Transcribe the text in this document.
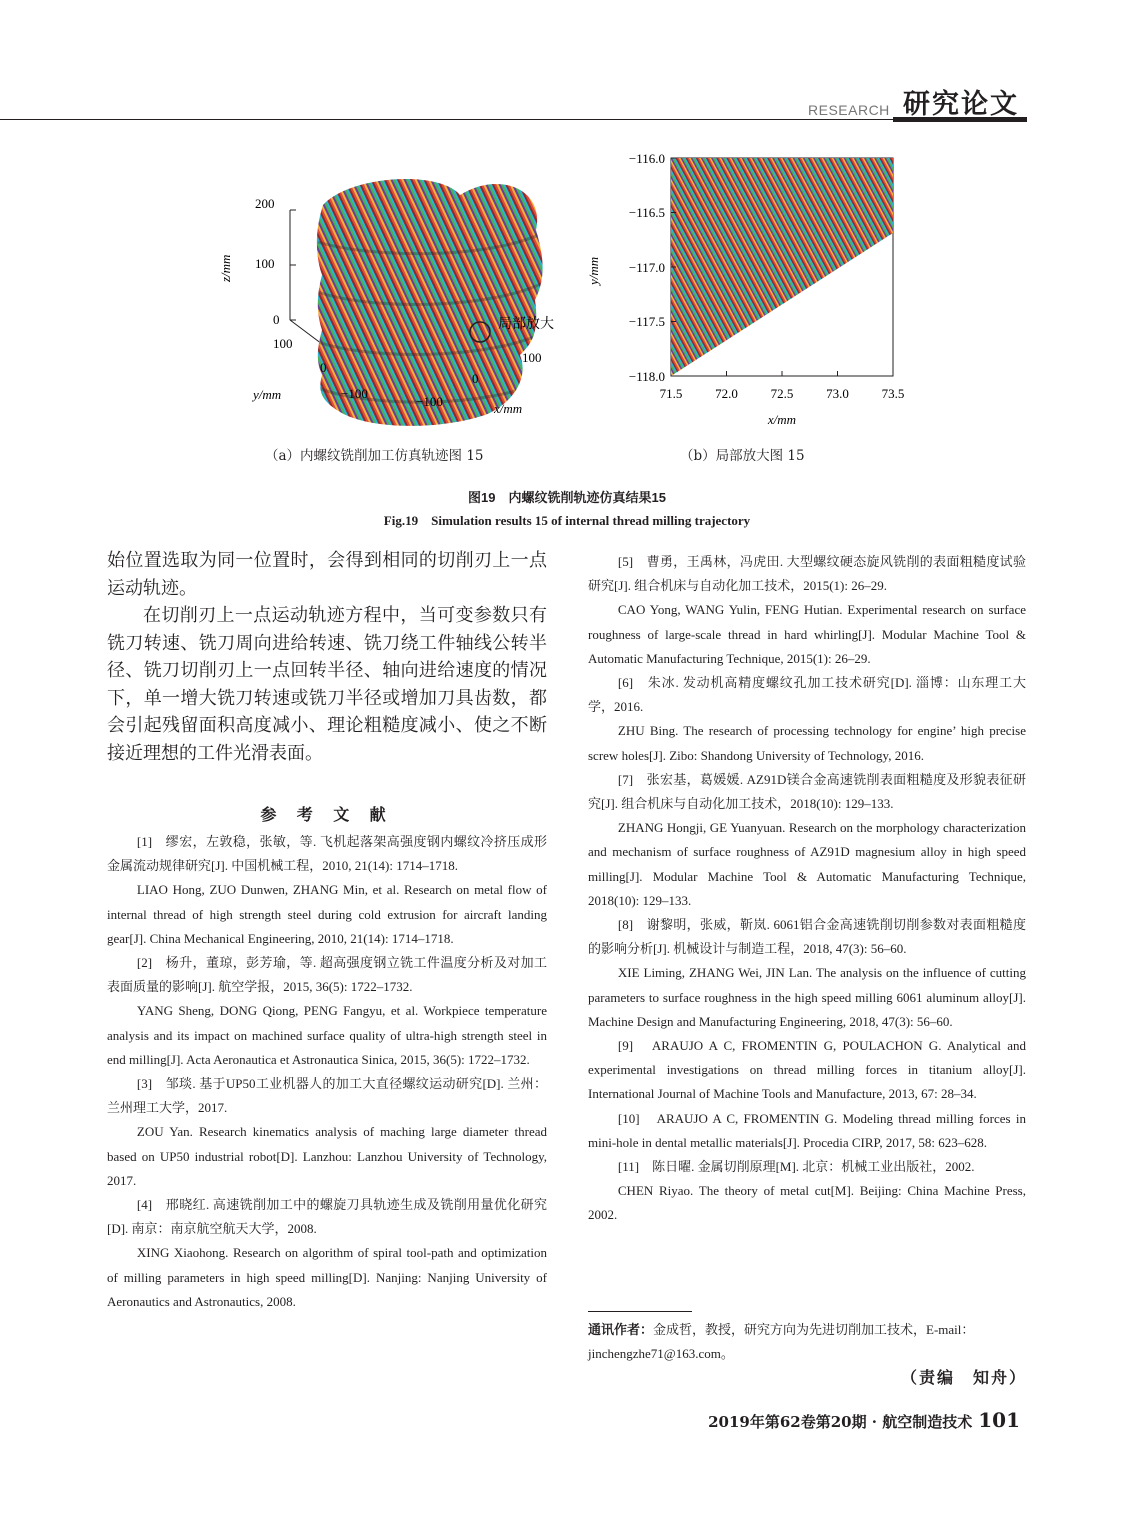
RESEARCH 研究论文
局部放大
200
100
0
100
0
−100
−100
0
100
z/mm
y/mm
x/mm
−116.0
−116.5
−117.0
−117.5
−118.0
71.5	72.0	72.5	73.0	73.5
y/mm
x/mm
（a）内螺纹铣削加工仿真轨迹图 15	（b）局部放大图 15
图19　内螺纹铣削轨迹仿真结果15
Fig.19　Simulation results 15 of internal thread milling trajectory

始位置选取为同一位置时，会得到相同的切削刃上一点运动轨迹。

在切削刃上一点运动轨迹方程中，当可变参数只有铣刀转速、铣刀周向进给转速、铣刀绕工件轴线公转半径、铣刀切削刃上一点回转半径、轴向进给速度的情况下，单一增大铣刀转速或铣刀半径或增加刀具齿数，都会引起残留面积高度减小、理论粗糙度减小、使之不断接近理想的工件光滑表面。

参 考 文 献

[1]　缪宏，左敦稳，张敏，等. 飞机起落架高强度钢内螺纹冷挤压成形金属流动规律研究[J]. 中国机械工程，2010, 21(14): 1714–1718.

LIAO Hong, ZUO Dunwen, ZHANG Min, et al. Research on metal flow of internal thread of high strength steel during cold extrusion for aircraft landing gear[J]. China Mechanical Engineering, 2010, 21(14): 1714–1718.

[2]　杨升，董琼，彭芳瑜，等. 超高强度钢立铣工件温度分析及对加工表面质量的影响[J]. 航空学报，2015, 36(5): 1722–1732.

YANG Sheng, DONG Qiong, PENG Fangyu, et al. Workpiece temperature analysis and its impact on machined surface quality of ultra-high strength steel in end milling[J]. Acta Aeronautica et Astronautica Sinica, 2015, 36(5): 1722–1732.

[3]　邹琰. 基于UP50工业机器人的加工大直径螺纹运动研究[D]. 兰州：兰州理工大学，2017.

ZOU Yan. Research kinematics analysis of maching large diameter thread based on UP50 industrial robot[D]. Lanzhou: Lanzhou University of Technology, 2017.

[4]　邢晓红. 高速铣削加工中的螺旋刀具轨迹生成及铣削用量优化研究[D]. 南京：南京航空航天大学，2008.

XING Xiaohong. Research on algorithm of spiral tool-path and optimization of milling parameters in high speed milling[D]. Nanjing: Nanjing University of Aeronautics and Astronautics, 2008.

[5]　曹勇，王禹林，冯虎田. 大型螺纹硬态旋风铣削的表面粗糙度试验研究[J]. 组合机床与自动化加工技术，2015(1): 26–29.

CAO Yong, WANG Yulin, FENG Hutian. Experimental research on surface roughness of large-scale thread in hard whirling[J]. Modular Machine Tool & Automatic Manufacturing Technique, 2015(1): 26–29.

[6]　朱冰. 发动机高精度螺纹孔加工技术研究[D]. 淄博：山东理工大学，2016.

ZHU Bing. The research of processing technology for engine’ high precise screw holes[J]. Zibo: Shandong University of Technology, 2016.

[7]　张宏基，葛媛媛. AZ91D镁合金高速铣削表面粗糙度及形貌表征研究[J]. 组合机床与自动化加工技术，2018(10): 129–133.

ZHANG Hongji, GE Yuanyuan. Research on the morphology characterization and mechanism of surface roughness of AZ91D magnesium alloy in high speed milling[J]. Modular Machine Tool & Automatic Manufacturing Technique, 2018(10): 129–133.

[8]　谢黎明，张威，靳岚. 6061铝合金高速铣削切削参数对表面粗糙度的影响分析[J]. 机械设计与制造工程，2018, 47(3): 56–60.

XIE Liming, ZHANG Wei, JIN Lan. The analysis on the influence of cutting parameters to surface roughness in the high speed milling 6061 aluminum alloy[J]. Machine Design and Manufacturing Engineering, 2018, 47(3): 56–60.

[9]　ARAUJO A C, FROMENTIN G, POULACHON G. Analytical and experimental investigations on thread milling forces in titanium alloy[J]. International Journal of Machine Tools and Manufacture, 2013, 67: 28–34.

[10]　ARAUJO A C, FROMENTIN G. Modeling thread milling forces in mini-hole in dental metallic materials[J]. Procedia CIRP, 2017, 58: 623–628.

[11]　陈日曜. 金属切削原理[M]. 北京：机械工业出版社，2002.

CHEN Riyao. The theory of metal cut[M]. Beijing: China Machine Press, 2002.

通讯作者：金成哲，教授，研究方向为先进切削加工技术，E-mail：jinchengzhe71@163.com。
（责编　知舟）
2019年第62卷第20期 · 航空制造技术 101
